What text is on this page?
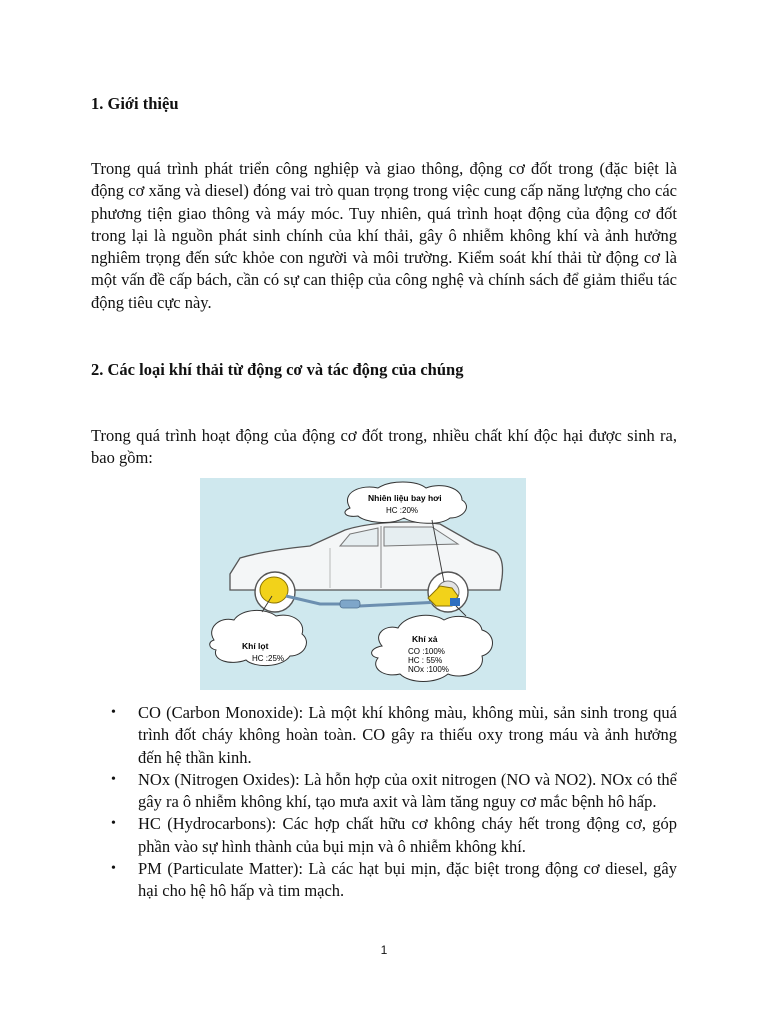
1. Giới thiệu

Trong quá trình phát triển công nghiệp và giao thông, động cơ đốt trong (đặc biệt là động cơ xăng và diesel) đóng vai trò quan trọng trong việc cung cấp năng lượng cho các phương tiện giao thông và máy móc. Tuy nhiên, quá trình hoạt động của động cơ đốt trong lại là nguồn phát sinh chính của khí thải, gây ô nhiễm không khí và ảnh hưởng nghiêm trọng đến sức khỏe con người và môi trường. Kiểm soát khí thải từ động cơ là một vấn đề cấp bách, cần có sự can thiệp của công nghệ và chính sách để giảm thiểu tác động tiêu cực này.

2. Các loại khí thải từ động cơ và tác động của chúng

Trong quá trình hoạt động của động cơ đốt trong, nhiều chất khí độc hại được sinh ra, bao gồm:

Nhiên liệu bay hơi
HC :20%
Khí lọt
HC :25%
Khí xả
CO :100%
HC : 55%
NOx :100%
• CO (Carbon Monoxide): Là một khí không màu, không mùi, sản sinh trong quá trình đốt cháy không hoàn toàn. CO gây ra thiếu oxy trong máu và ảnh hưởng đến hệ thần kinh.
• NOx (Nitrogen Oxides): Là hỗn hợp của oxit nitrogen (NO và NO2). NOx có thể gây ra ô nhiễm không khí, tạo mưa axit và làm tăng nguy cơ mắc bệnh hô hấp.
• HC (Hydrocarbons): Các hợp chất hữu cơ không cháy hết trong động cơ, góp phần vào sự hình thành của bụi mịn và ô nhiễm không khí.
• PM (Particulate Matter): Là các hạt bụi mịn, đặc biệt trong động cơ diesel, gây hại cho hệ hô hấp và tim mạch.
1
